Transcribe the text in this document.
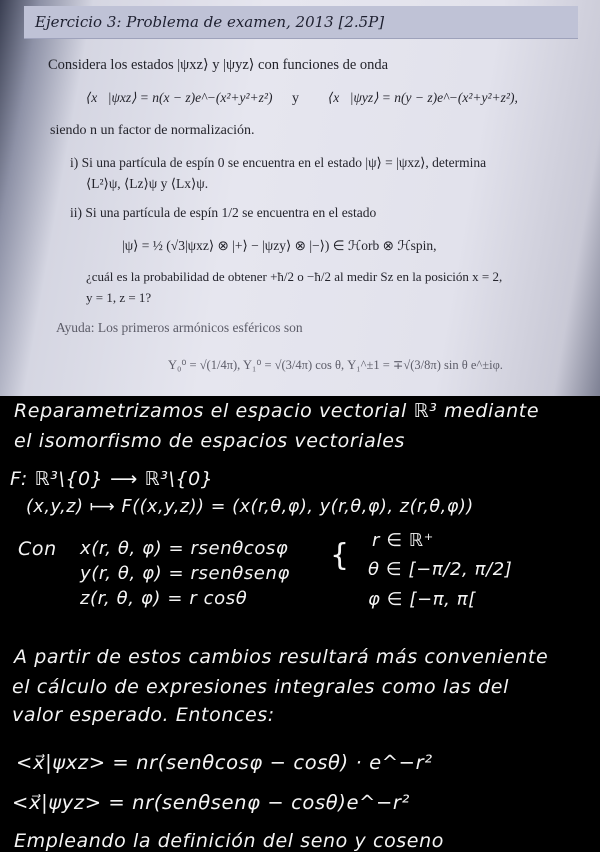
Ejercicio 3: Problema de examen, 2013 [2.5P]
Considera los estados |ψxz⟩ y |ψyz⟩ con funciones de onda
⟨x⃗|ψxz⟩ = n(x − z)e^−(x²+y²+z²) y ⟨x⃗|ψyz⟩ = n(y − z)e^−(x²+y²+z²),
siendo n un factor de normalización.
i) Si una partícula de espín 0 se encuentra en el estado |ψ⟩ = |ψxz⟩, determina
⟨L²⟩ψ, ⟨Lz⟩ψ y ⟨Lx⟩ψ.
ii) Si una partícula de espín 1/2 se encuentra en el estado
|ψ⟩ = ½ (√3|ψxz⟩ ⊗ |+⟩ − |ψzy⟩ ⊗ |−⟩) ∈ ℋorb ⊗ ℋspin,
¿cuál es la probabilidad de obtener +ħ/2 o −ħ/2 al medir Sz en la posición x = 2,
y = 1, z = 1?
Ayuda: Los primeros armónicos esféricos son
Y₀⁰ = √(1/4π), Y₁⁰ = √(3/4π) cos θ, Y₁^±1 = ∓√(3/8π) sin θ e^±iφ.
Reparametrizamos el espacio vectorial ℝ³ mediante
el isomorfismo de espacios vectoriales
F: ℝ³\{0} ⟶ ℝ³\{0}
(x,y,z) ⟼ F((x,y,z)) = (x(r,θ,φ), y(r,θ,φ), z(r,θ,φ))
Con x(r, θ, φ) = rsenθcosφ
y(r, θ, φ) = rsenθsenφ
z(r, θ, φ) = r cosθ
{ r ∈ ℝ⁺
θ ∈ [−π/2, π/2]
φ ∈ [−π, π[
A partir de estos cambios resultará más conveniente
el cálculo de expresiones integrales como las del
valor esperado. Entonces:
<x⃗|ψxz> = nr(senθcosφ − cosθ) · e^−r²
<x⃗|ψyz> = nr(senθsenφ − cosθ)e^−r²
Empleando la definición del seno y coseno
